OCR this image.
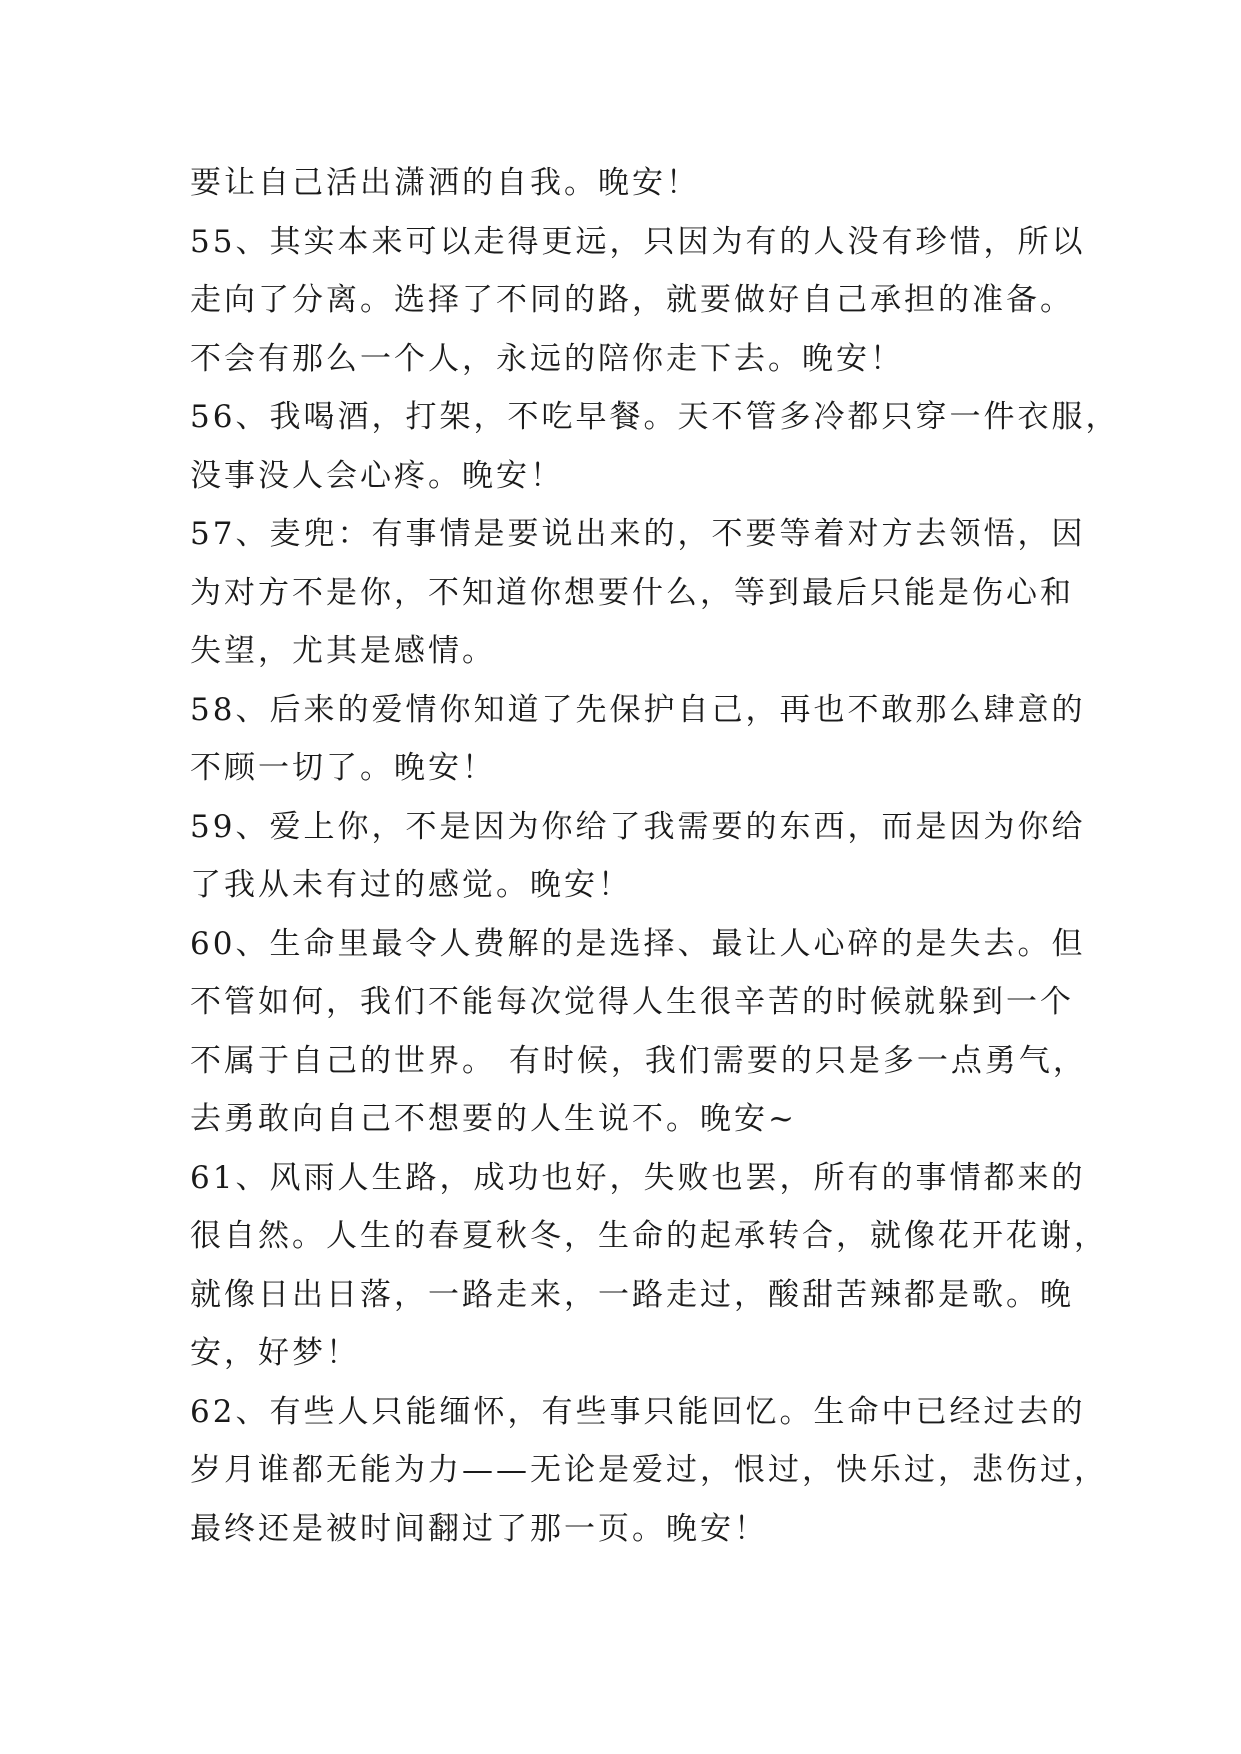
要让自己活出潇洒的自我。晚安！

55、其实本来可以走得更远，只因为有的人没有珍惜，所以

走向了分离。选择了不同的路，就要做好自己承担的准备。

不会有那么一个人，永远的陪你走下去。晚安！

56、我喝酒，打架，不吃早餐。天不管多冷都只穿一件衣服，

没事没人会心疼。晚安！

57、麦兜：有事情是要说出来的，不要等着对方去领悟，因

为对方不是你，不知道你想要什么，等到最后只能是伤心和

失望，尤其是感情。

58、后来的爱情你知道了先保护自己，再也不敢那么肆意的

不顾一切了。晚安！

59、爱上你，不是因为你给了我需要的东西，而是因为你给

了我从未有过的感觉。晚安！

60、生命里最令人费解的是选择、最让人心碎的是失去。但

不管如何，我们不能每次觉得人生很辛苦的时候就躲到一个

不属于自己的世界。 有时候，我们需要的只是多一点勇气，

去勇敢向自己不想要的人生说不。晚安~

61、风雨人生路，成功也好，失败也罢，所有的事情都来的

很自然。人生的春夏秋冬，生命的起承转合，就像花开花谢，

就像日出日落，一路走来，一路走过，酸甜苦辣都是歌。晚

安，好梦！

62、有些人只能缅怀，有些事只能回忆。生命中已经过去的

岁月谁都无能为力——无论是爱过，恨过，快乐过，悲伤过，

最终还是被时间翻过了那一页。晚安！
